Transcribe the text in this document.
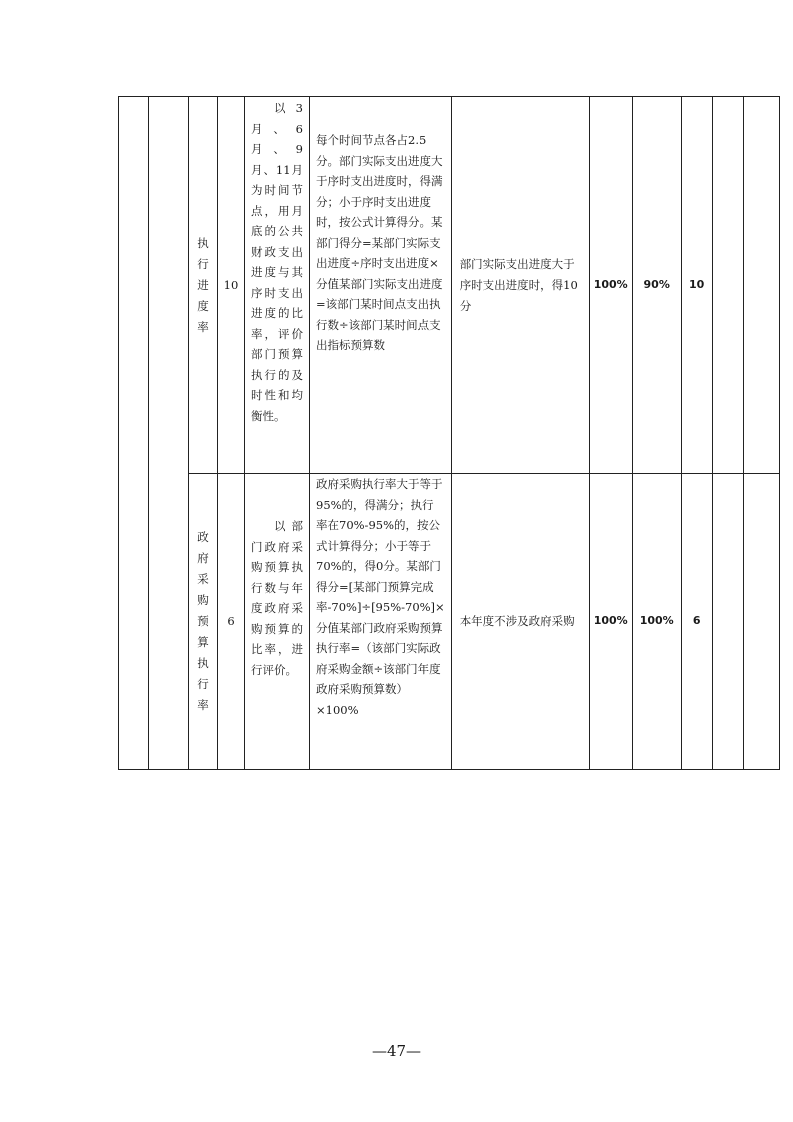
		执行进度率	10	以3月、6月、9月、11月为时间节点，用月底的公共财政支出进度与其序时支出进度的比率，评价部门预算执行的及时性和均衡性。	每个时间节点各占2.5分。部门实际支出进度大于序时支出进度时，得满分；小于序时支出进度时，按公式计算得分。某部门得分=某部门实际支出进度÷序时支出进度×分值某部门实际支出进度=该部门某时间点支出执行数÷该部门某时间点支出指标预算数	部门实际支出进度大于序时支出进度时，得10分	100%	90%	10		

		政府采购预算执行率	6	以部门政府采购预算执行数与年度政府采购预算的比率，进行评价。	政府采购执行率大于等于95%的，得满分；执行率在70%-95%的，按公式计算得分；小于等于70%的，得0分。某部门得分=[某部门预算完成率-70%]÷[95%-70%]×分值某部门政府采购预算执行率=（该部门实际政府采购金额÷该部门年度政府采购预算数）×100%	本年度不涉及政府采购	100%	100%	6		
—47—
